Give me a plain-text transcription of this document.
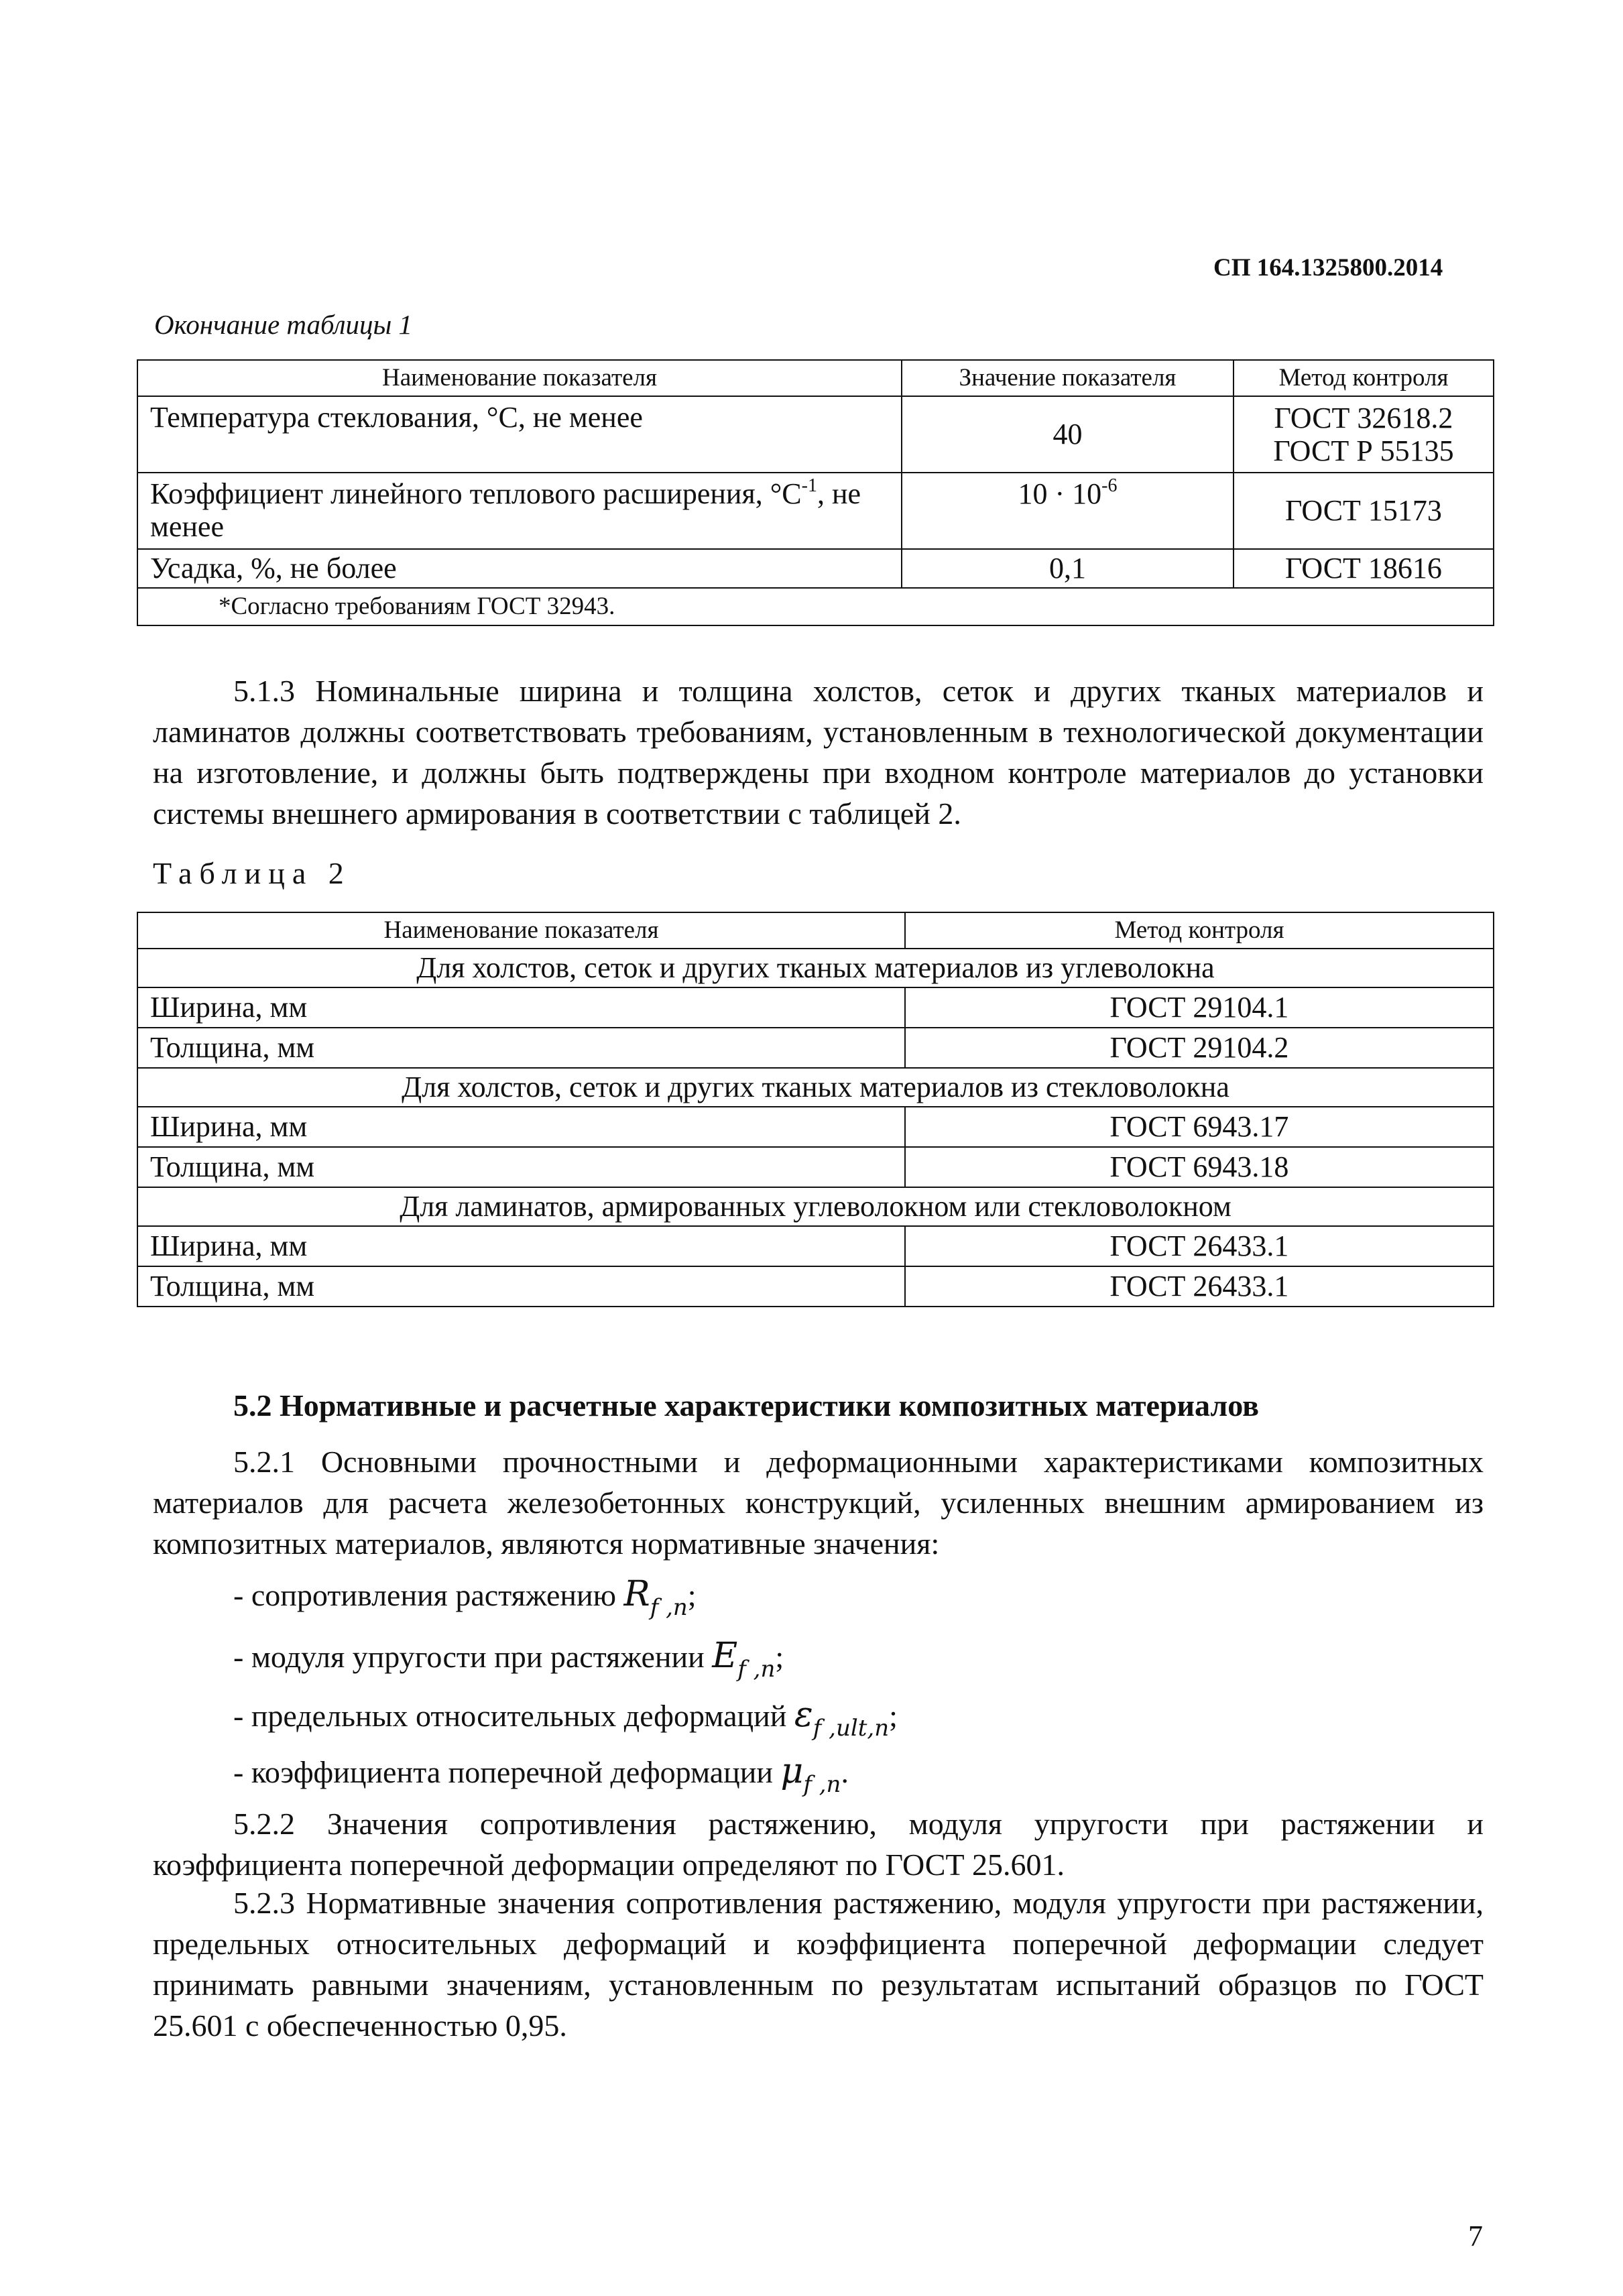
СП 164.1325800.2014
Окончание таблицы 1
Наименование показателя	Значение показателя	Метод контроля
Температура стеклования, °С, не менее	40	ГОСТ 32618.2
ГОСТ Р 55135

Коэффициент линейного теплового расширения, $^\circ С^{-1}$, не менее	$10 \cdot 10^{-6}$	ГОСТ 15173
Усадка, %, не более	0,1	ГОСТ 18616
*Согласно требованиям ГОСТ 32943.		
5.1.3 Номинальные ширина и толщина холстов, сеток и других тканых материалов и ламинатов должны соответствовать требованиям, установленным в технологической документации на изготовление, и должны быть подтверждены при входном контроле материалов до установки системы внешнего армирования в соответствии с таблицей 2.
Таблица 2
Наименование показателя	Метод контроля
Для холстов, сеток и других тканых материалов из углеволокна	
Ширина, мм	ГОСТ 29104.1
Толщина, мм	ГОСТ 29104.2
Для холстов, сеток и других тканых материалов из стекловолокна	
Ширина, мм	ГОСТ 6943.17
Толщина, мм	ГОСТ 6943.18
Для ламинатов, армированных углеволокном или стекловолокном	
Ширина, мм	ГОСТ 26433.1
Толщина, мм	ГОСТ 26433.1
5.2 Нормативные и расчетные характеристики композитных материалов
5.2.1 Основными прочностными и деформационными характеристиками композитных материалов для расчета железобетонных конструкций, усиленных внешним армированием из композитных материалов, являются нормативные значения:
- сопротивления растяжению $R_{f ,n}$;
- модуля упругости при растяжении $E_{f ,n}$;
- предельных относительных деформаций $\varepsilon_{f ,ult,n}$;
- коэффициента поперечной деформации $\mu_{f ,n}$.
5.2.2 Значения сопротивления растяжению, модуля упругости при растяжении и коэффициента поперечной деформации определяют по ГОСТ 25.601.
5.2.3 Нормативные значения сопротивления растяжению, модуля упругости при растяжении, предельных относительных деформаций и коэффициента поперечной деформации следует принимать равными значениям, установленным по результатам испытаний образцов по ГОСТ 25.601 с обеспеченностью 0,95.
7
